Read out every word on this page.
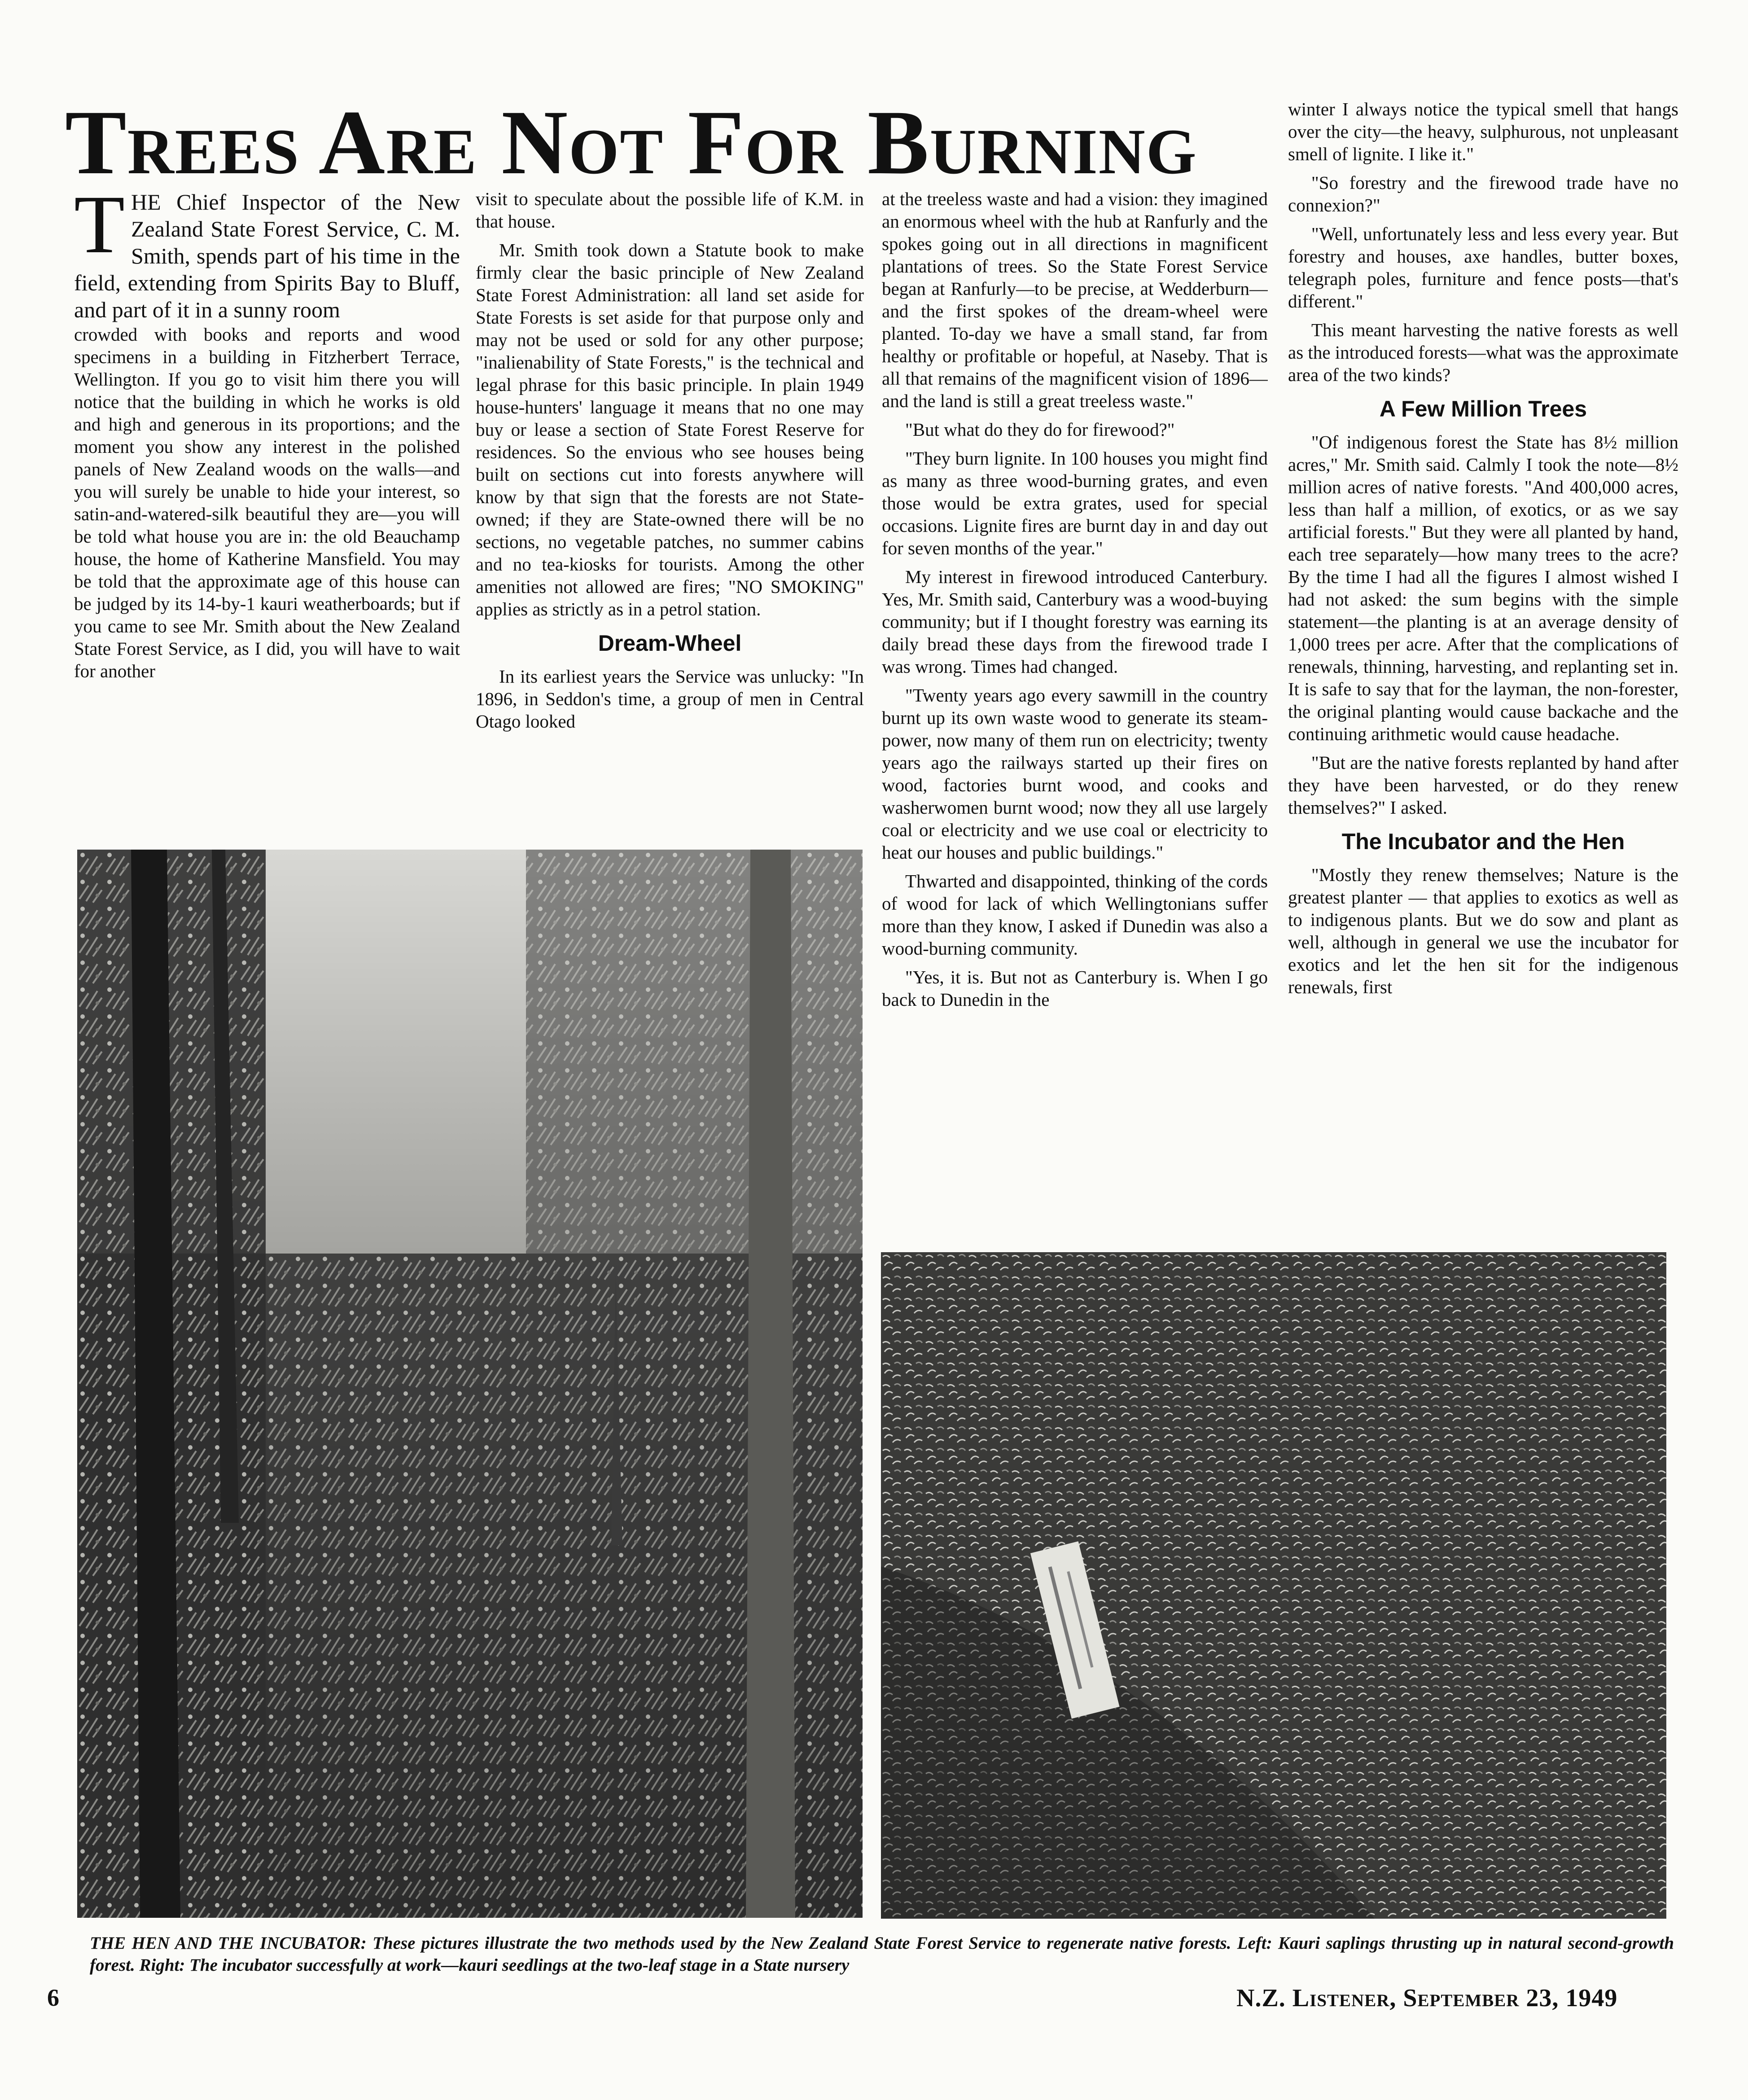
Trees Are Not For Burning

THE Chief Inspector of the New Zealand State Forest Service, C. M. Smith, spends part of his time in the field, extending from Spirits Bay to Bluff, and part of it in a sunny room

crowded with books and reports and wood specimens in a building in Fitzherbert Terrace, Wellington. If you go to visit him there you will notice that the building in which he works is old and high and generous in its proportions; and the moment you show any interest in the polished panels of New Zealand woods on the walls—and you will surely be unable to hide your interest, so satin-and-watered-silk beautiful they are—you will be told what house you are in: the old Beauchamp house, the home of Katherine Mansfield. You may be told that the approximate age of this house can be judged by its 14-by-1 kauri weatherboards; but if you came to see Mr. Smith about the New Zealand State Forest Service, as I did, you will have to wait for another

visit to speculate about the possible life of K.M. in that house.

Mr. Smith took down a Statute book to make firmly clear the basic principle of New Zealand State Forest Administration: all land set aside for State Forests is set aside for that purpose only and may not be used or sold for any other purpose; "inalienability of State Forests," is the technical and legal phrase for this basic principle. In plain 1949 house-hunters' language it means that no one may buy or lease a section of State Forest Reserve for residences. So the envious who see houses being built on sections cut into forests anywhere will know by that sign that the forests are not State-owned; if they are State-owned there will be no sections, no vegetable patches, no summer cabins and no tea-kiosks for tourists. Among the other amenities not allowed are fires; "NO SMOKING" applies as strictly as in a petrol station.

Dream-Wheel

In its earliest years the Service was unlucky: "In 1896, in Seddon's time, a group of men in Central Otago looked

at the treeless waste and had a vision: they imagined an enormous wheel with the hub at Ranfurly and the spokes going out in all directions in magnificent plantations of trees. So the State Forest Service began at Ranfurly—to be precise, at Wedderburn—and the first spokes of the dream-wheel were planted. To-day we have a small stand, far from healthy or profitable or hopeful, at Naseby. That is all that remains of the magnificent vision of 1896—and the land is still a great treeless waste."

"But what do they do for firewood?"

"They burn lignite. In 100 houses you might find as many as three wood-burning grates, and even those would be extra grates, used for special occasions. Lignite fires are burnt day in and day out for seven months of the year."

My interest in firewood introduced Canterbury. Yes, Mr. Smith said, Canterbury was a wood-buying community; but if I thought forestry was earning its daily bread these days from the firewood trade I was wrong. Times had changed.

"Twenty years ago every sawmill in the country burnt up its own waste wood to generate its steam-power, now many of them run on electricity; twenty years ago the railways started up their fires on wood, factories burnt wood, and cooks and washerwomen burnt wood; now they all use largely coal or electricity and we use coal or electricity to heat our houses and public buildings."

Thwarted and disappointed, thinking of the cords of wood for lack of which Wellingtonians suffer more than they know, I asked if Dunedin was also a wood-burning community.

"Yes, it is. But not as Canterbury is. When I go back to Dunedin in the

winter I always notice the typical smell that hangs over the city—the heavy, sulphurous, not unpleasant smell of lignite. I like it."

"So forestry and the firewood trade have no connexion?"

"Well, unfortunately less and less every year. But forestry and houses, axe handles, butter boxes, telegraph poles, furniture and fence posts—that's different."

This meant harvesting the native forests as well as the introduced forests—what was the approximate area of the two kinds?

A Few Million Trees

"Of indigenous forest the State has 8½ million acres," Mr. Smith said. Calmly I took the note—8½ million acres of native forests. "And 400,000 acres, less than half a million, of exotics, or as we say artificial forests." But they were all planted by hand, each tree separately—how many trees to the acre? By the time I had all the figures I almost wished I had not asked: the sum begins with the simple statement—the planting is at an average density of 1,000 trees per acre. After that the complications of renewals, thinning, harvesting, and replanting set in. It is safe to say that for the layman, the non-forester, the original planting would cause backache and the continuing arithmetic would cause headache.

"But are the native forests replanted by hand after they have been harvested, or do they renew themselves?" I asked.

The Incubator and the Hen

"Mostly they renew themselves; Nature is the greatest planter — that applies to exotics as well as to indigenous plants. But we do sow and plant as well, although in general we use the incubator for exotics and let the hen sit for the indigenous renewals, first

THE HEN AND THE INCUBATOR: These pictures illustrate the two methods used by the New Zealand State Forest Service to regenerate native forests. Left: Kauri saplings thrusting up in natural second-growth forest. Right: The incubator successfully at work—kauri seedlings at the two-leaf stage in a State nursery
6	N.Z. Listener, September 23, 1949
